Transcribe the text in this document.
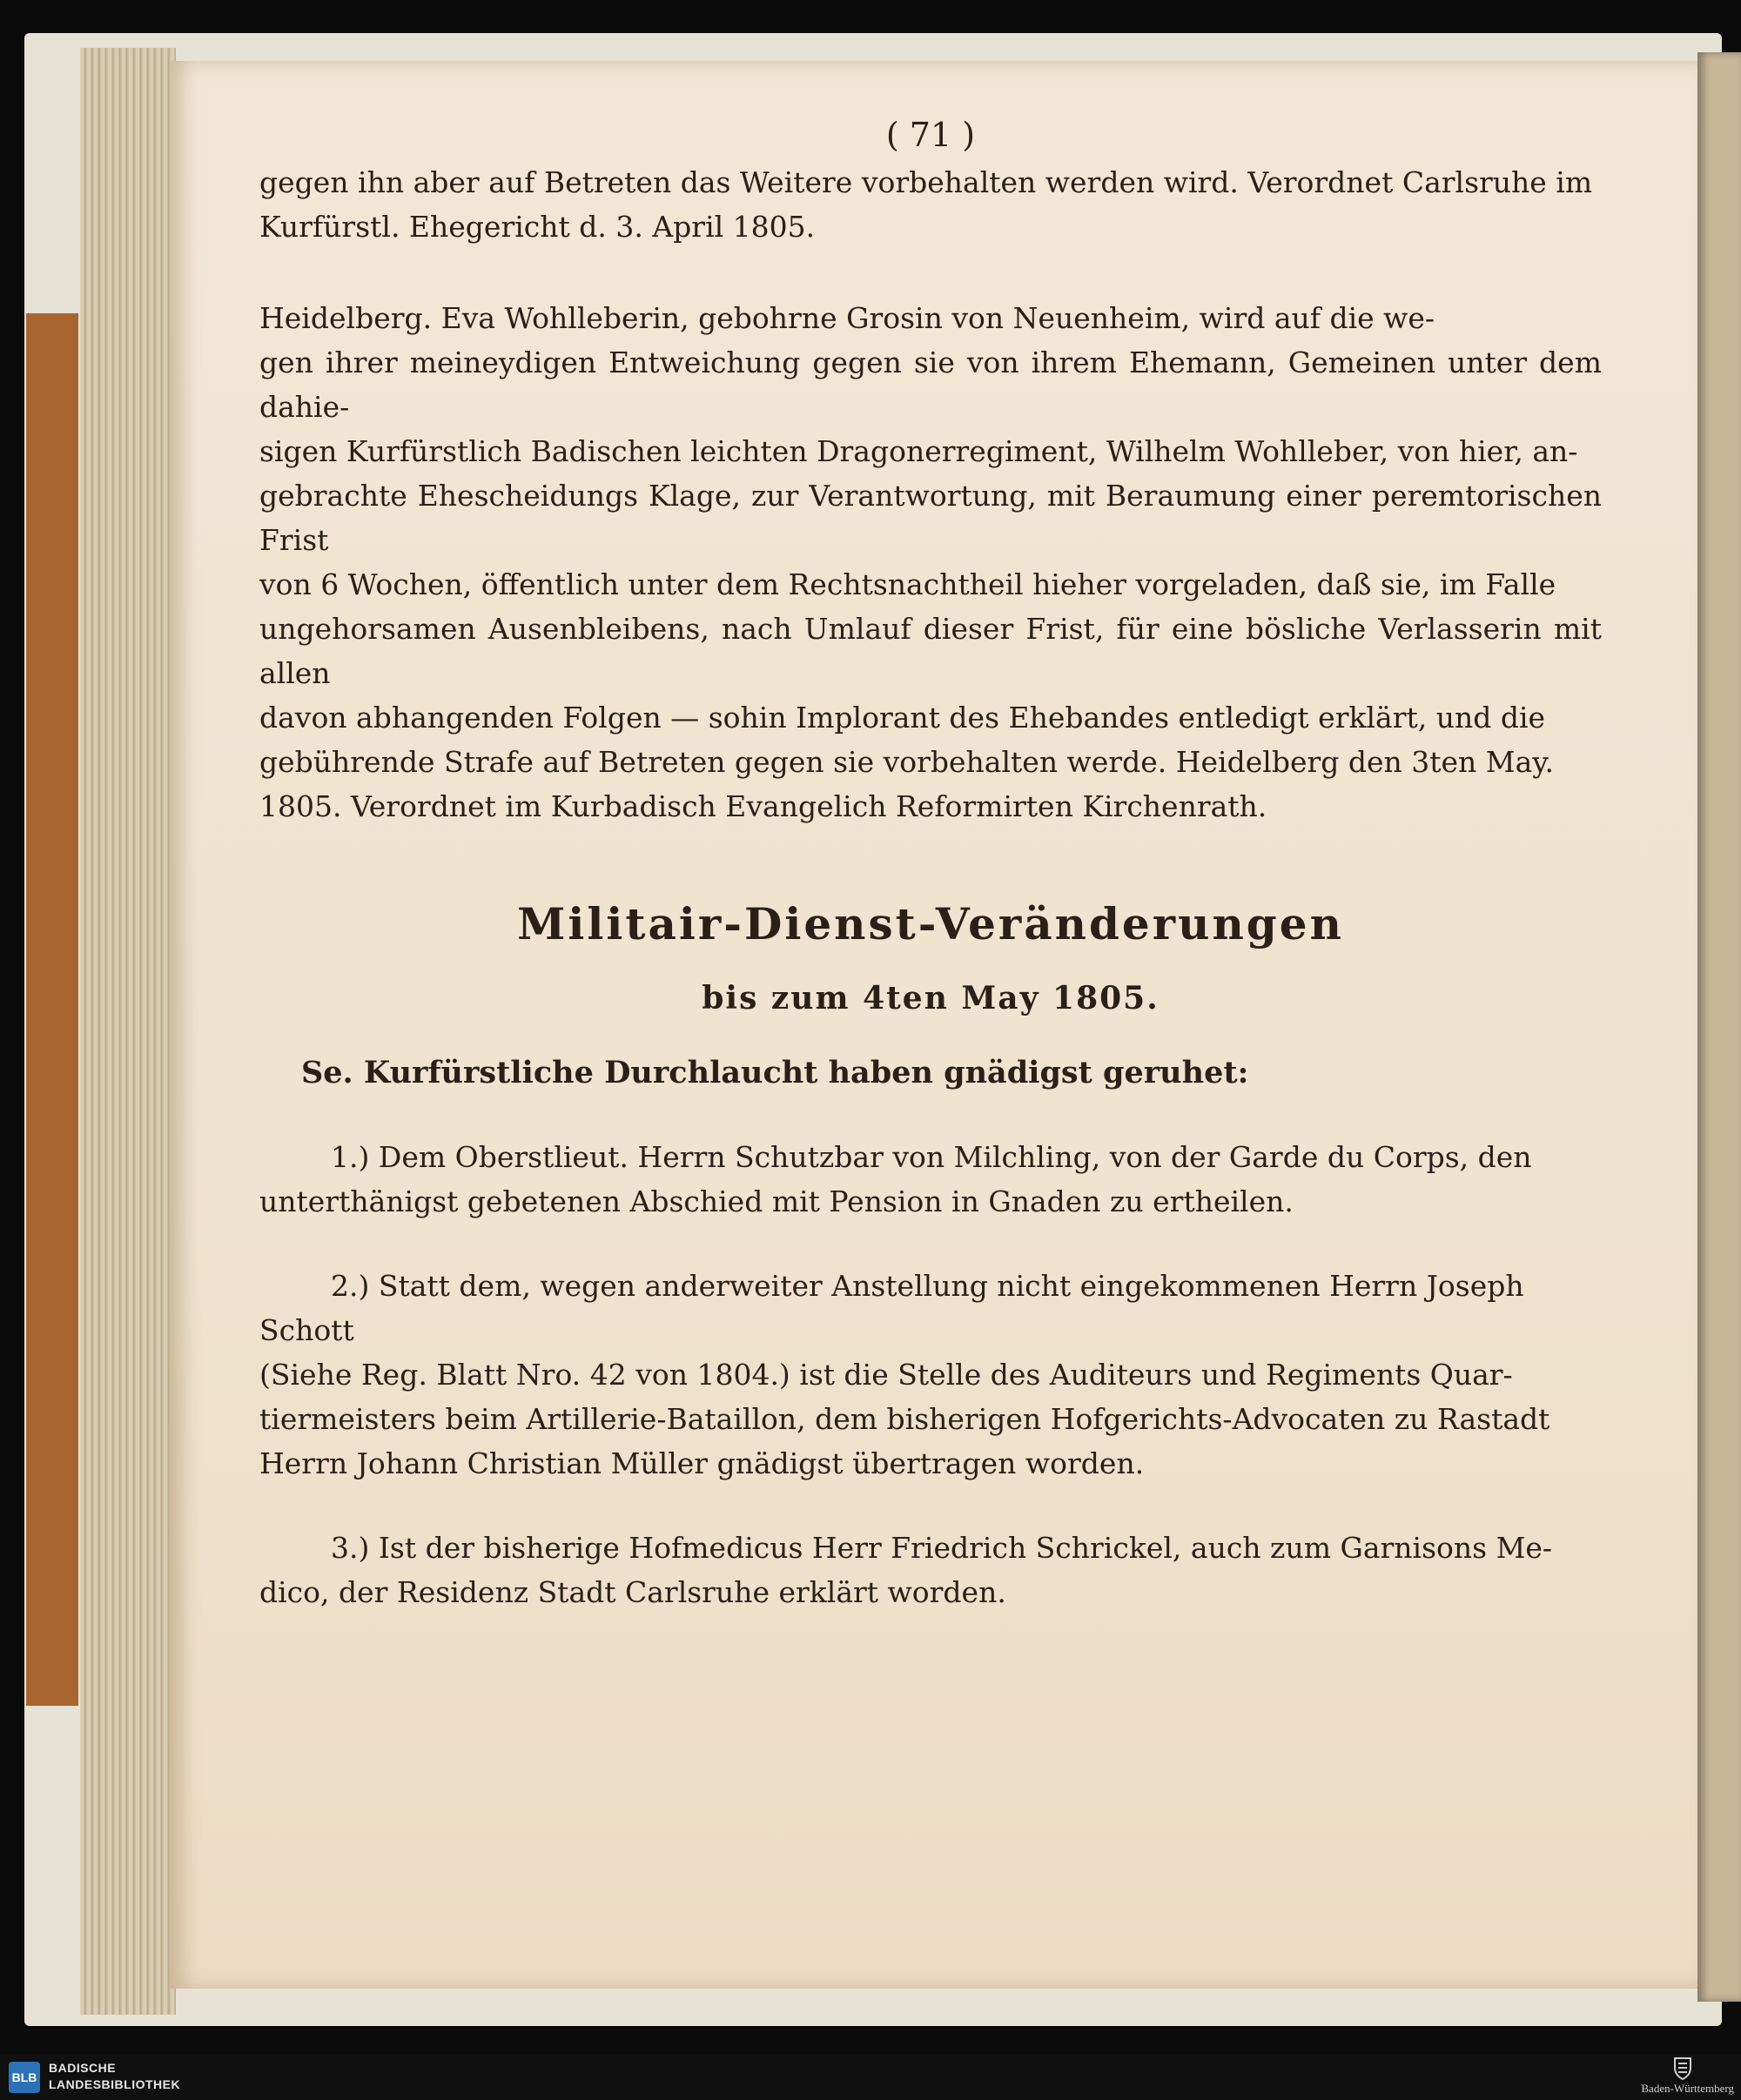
( 71 )
gegen ihn aber auf Betreten das Weitere vorbehalten werden wird. Verordnet Carlsruhe im
Kurfürstl. Ehegericht d. 3. April 1805.
Heidelberg. Eva Wohlleberin, gebohrne Grosin von Neuenheim, wird auf die we-
gen ihrer meineydigen Entweichung gegen sie von ihrem Ehemann, Gemeinen unter dem dahie-
sigen Kurfürstlich Badischen leichten Dragonerregiment, Wilhelm Wohlleber, von hier, an-
gebrachte Ehescheidungs Klage, zur Verantwortung, mit Beraumung einer peremtorischen Frist
von 6 Wochen, öffentlich unter dem Rechtsnachtheil hieher vorgeladen, daß sie, im Falle
ungehorsamen Ausenbleibens, nach Umlauf dieser Frist, für eine bösliche Verlasserin mit allen
davon abhangenden Folgen — sohin Implorant des Ehebandes entledigt erklärt, und die
gebührende Strafe auf Betreten gegen sie vorbehalten werde. Heidelberg den 3ten May.
1805. Verordnet im Kurbadisch Evangelich Reformirten Kirchenrath.
Militair-Dienst-Veränderungen
bis zum 4ten May 1805.
Se. Kurfürstliche Durchlaucht haben gnädigst geruhet:
1.) Dem Oberstlieut. Herrn Schutzbar von Milchling, von der Garde du Corps, den
unterthänigst gebetenen Abschied mit Pension in Gnaden zu ertheilen.
2.) Statt dem, wegen anderweiter Anstellung nicht eingekommenen Herrn Joseph Schott
(Siehe Reg. Blatt Nro. 42 von 1804.) ist die Stelle des Auditeurs und Regiments Quar-
tiermeisters beim Artillerie-Bataillon, dem bisherigen Hofgerichts-Advocaten zu Rastadt
Herrn Johann Christian Müller gnädigst übertragen worden.
3.) Ist der bisherige Hofmedicus Herr Friedrich Schrickel, auch zum Garnisons Me-
dico, der Residenz Stadt Carlsruhe erklärt worden.
BLB
BADISCHE
LANDESBIBLIOTHEK	Baden-Württemberg
